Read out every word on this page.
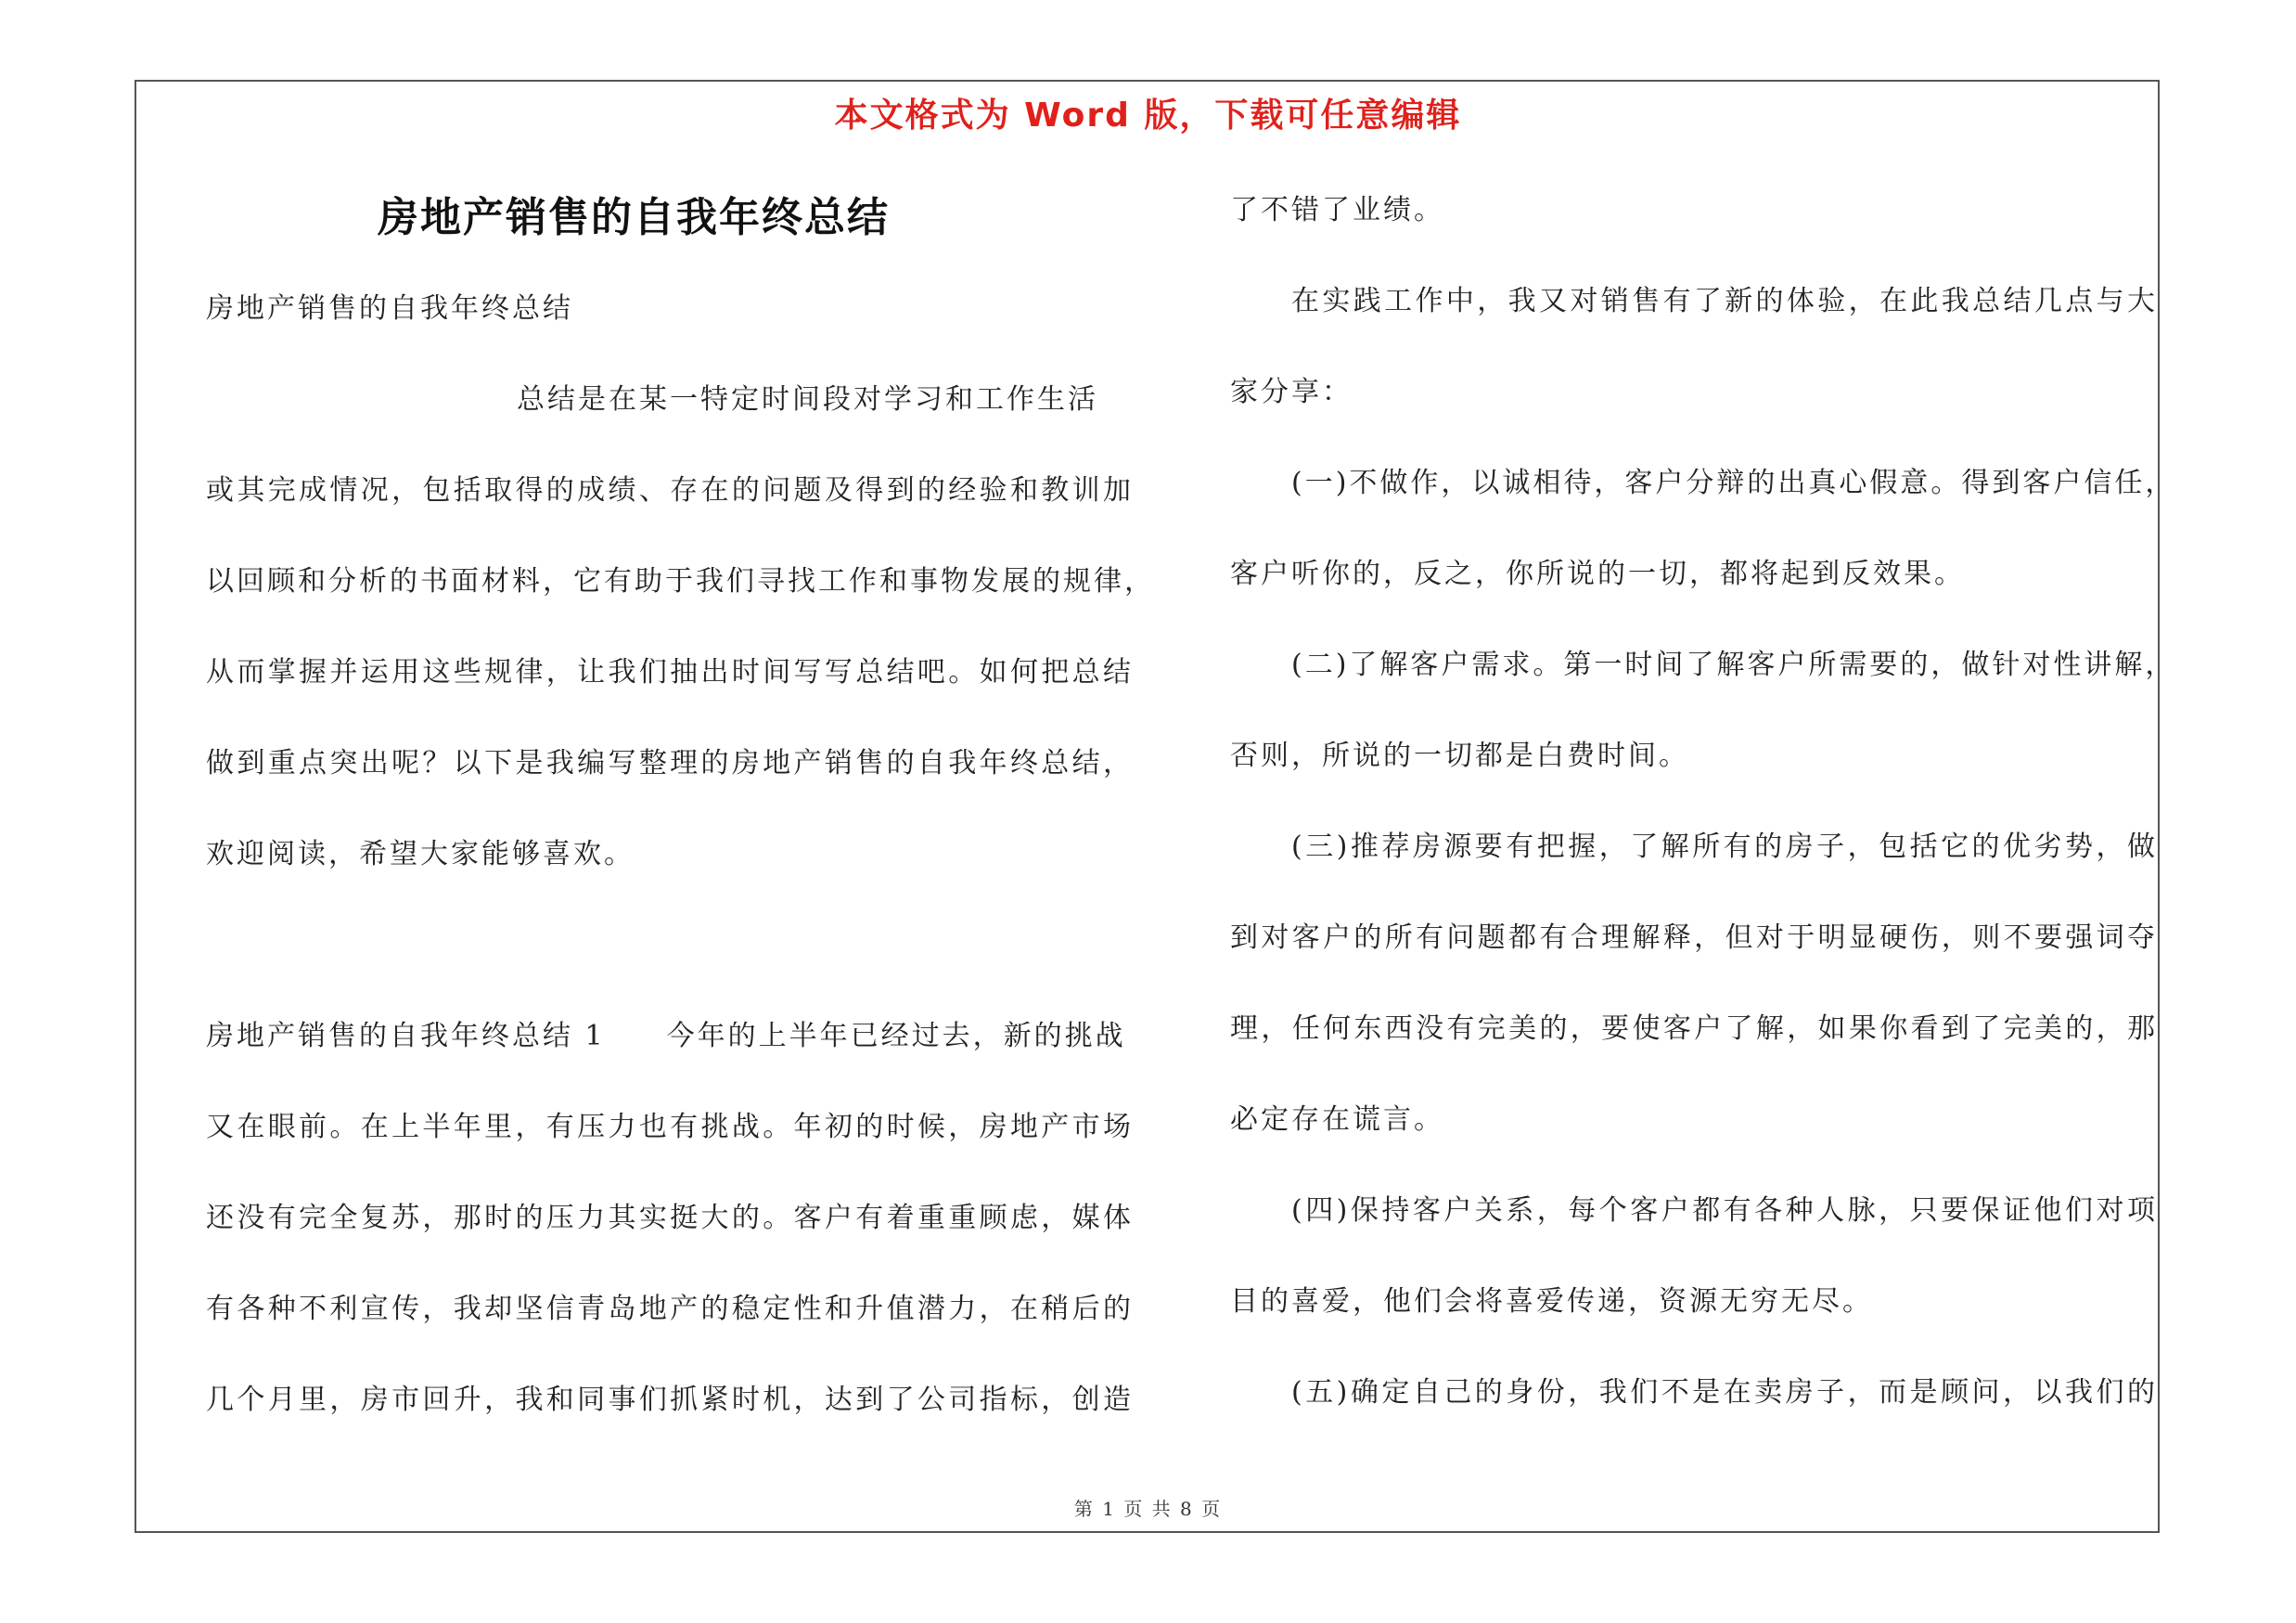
本文格式为 Word 版，下载可任意编辑
房地产销售的自我年终总结
房地产销售的自我年终总结
总结是在某一特定时间段对学习和工作生活
或其完成情况，包括取得的成绩、存在的问题及得到的经验和教训加
以回顾和分析的书面材料，它有助于我们寻找工作和事物发展的规律，
从而掌握并运用这些规律，让我们抽出时间写写总结吧。如何把总结
做到重点突出呢？以下是我编写整理的房地产销售的自我年终总结，
欢迎阅读，希望大家能够喜欢。
房地产销售的自我年终总结 1　　今年的上半年已经过去，新的挑战
又在眼前。在上半年里，有压力也有挑战。年初的时候，房地产市场
还没有完全复苏，那时的压力其实挺大的。客户有着重重顾虑，媒体
有各种不利宣传，我却坚信青岛地产的稳定性和升值潜力，在稍后的
几个月里，房市回升，我和同事们抓紧时机，达到了公司指标，创造
了不错了业绩。
在实践工作中，我又对销售有了新的体验，在此我总结几点与大
家分享：
(一)不做作，以诚相待，客户分辩的出真心假意。得到客户信任，
客户听你的，反之，你所说的一切，都将起到反效果。
(二)了解客户需求。第一时间了解客户所需要的，做针对性讲解，
否则，所说的一切都是白费时间。
(三)推荐房源要有把握，了解所有的房子，包括它的优劣势，做
到对客户的所有问题都有合理解释，但对于明显硬伤，则不要强词夺
理，任何东西没有完美的，要使客户了解，如果你看到了完美的，那
必定存在谎言。
(四)保持客户关系，每个客户都有各种人脉，只要保证他们对项
目的喜爱，他们会将喜爱传递，资源无穷无尽。
(五)确定自己的身份，我们不是在卖房子，而是顾问，以我们的
第 1 页 共 8 页
